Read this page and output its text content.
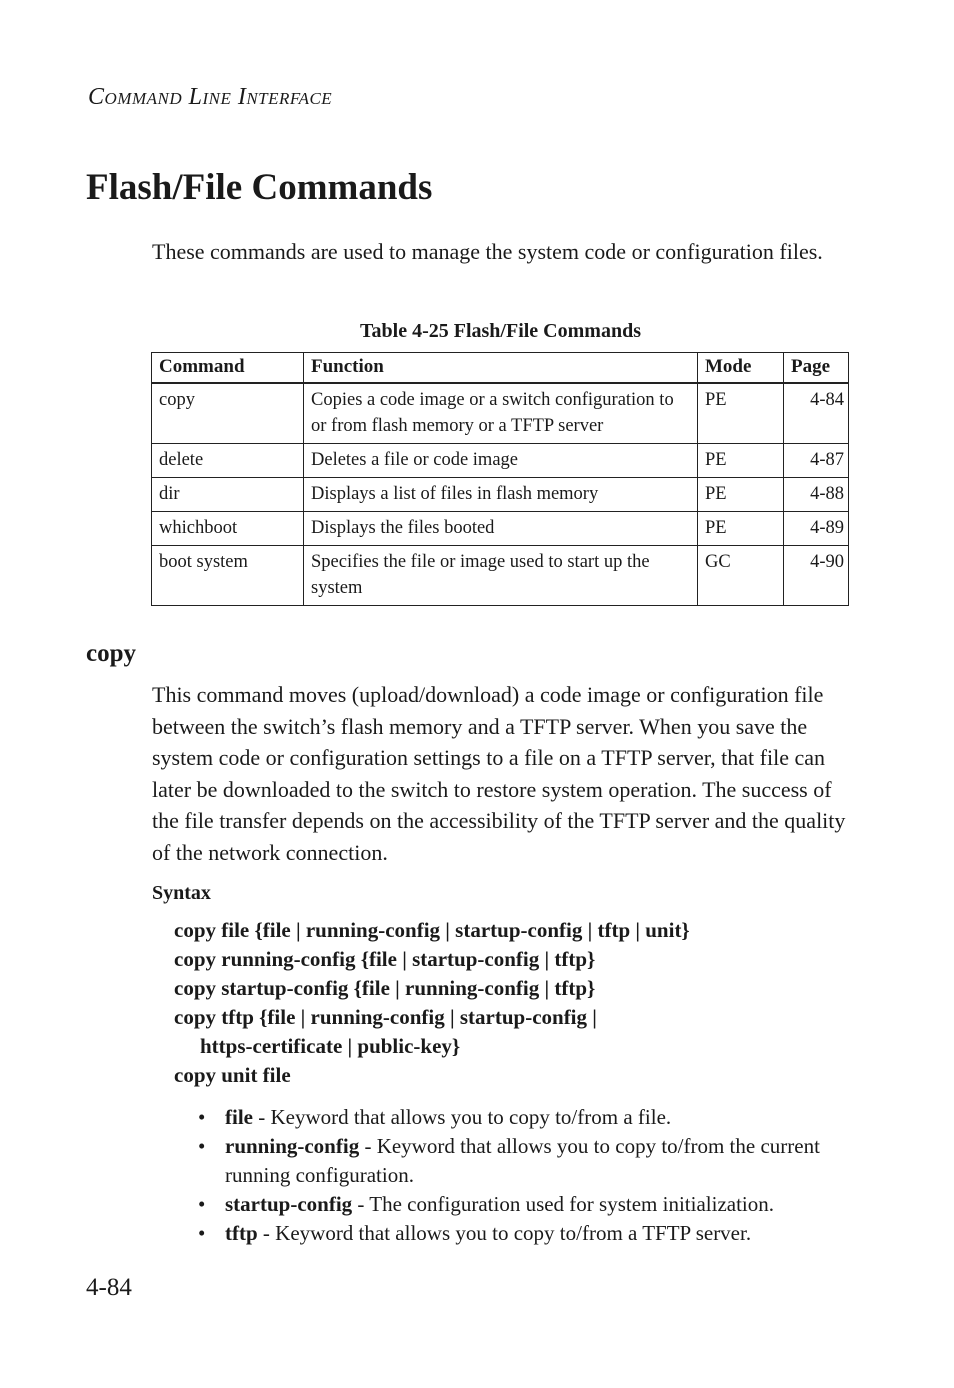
Command Line Interface
Flash/File Commands

These commands are used to manage the system code or configuration files.

Table 4-25 Flash/File Commands
Command	Function	Mode	Page
copy	Copies a code image or a switch configuration to or from flash memory or a TFTP server	PE	4-84
delete	Deletes a file or code image	PE	4-87
dir	Displays a list of files in flash memory	PE	4-88
whichboot	Displays the files booted	PE	4-89
boot system	Specifies the file or image used to start up the system	GC	4-90
copy

This command moves (upload/download) a code image or configuration file between the switch’s flash memory and a TFTP server. When you save the system code or configuration settings to a file on a TFTP server, that file can later be downloaded to the switch to restore system operation. The success of the file transfer depends on the accessibility of the TFTP server and the quality of the network connection.

Syntax
copy file {file | running-config | startup-config | tftp | unit}
copy running-config {file | startup-config | tftp}
copy startup-config {file | running-config | tftp}
copy tftp {file | running-config | startup-config |
https-certificate | public-key}
copy unit file
• file - Keyword that allows you to copy to/from a file.
• running-config - Keyword that allows you to copy to/from the current running configuration.
• startup-config - The configuration used for system initialization.
• tftp - Keyword that allows you to copy to/from a TFTP server.
4-84
